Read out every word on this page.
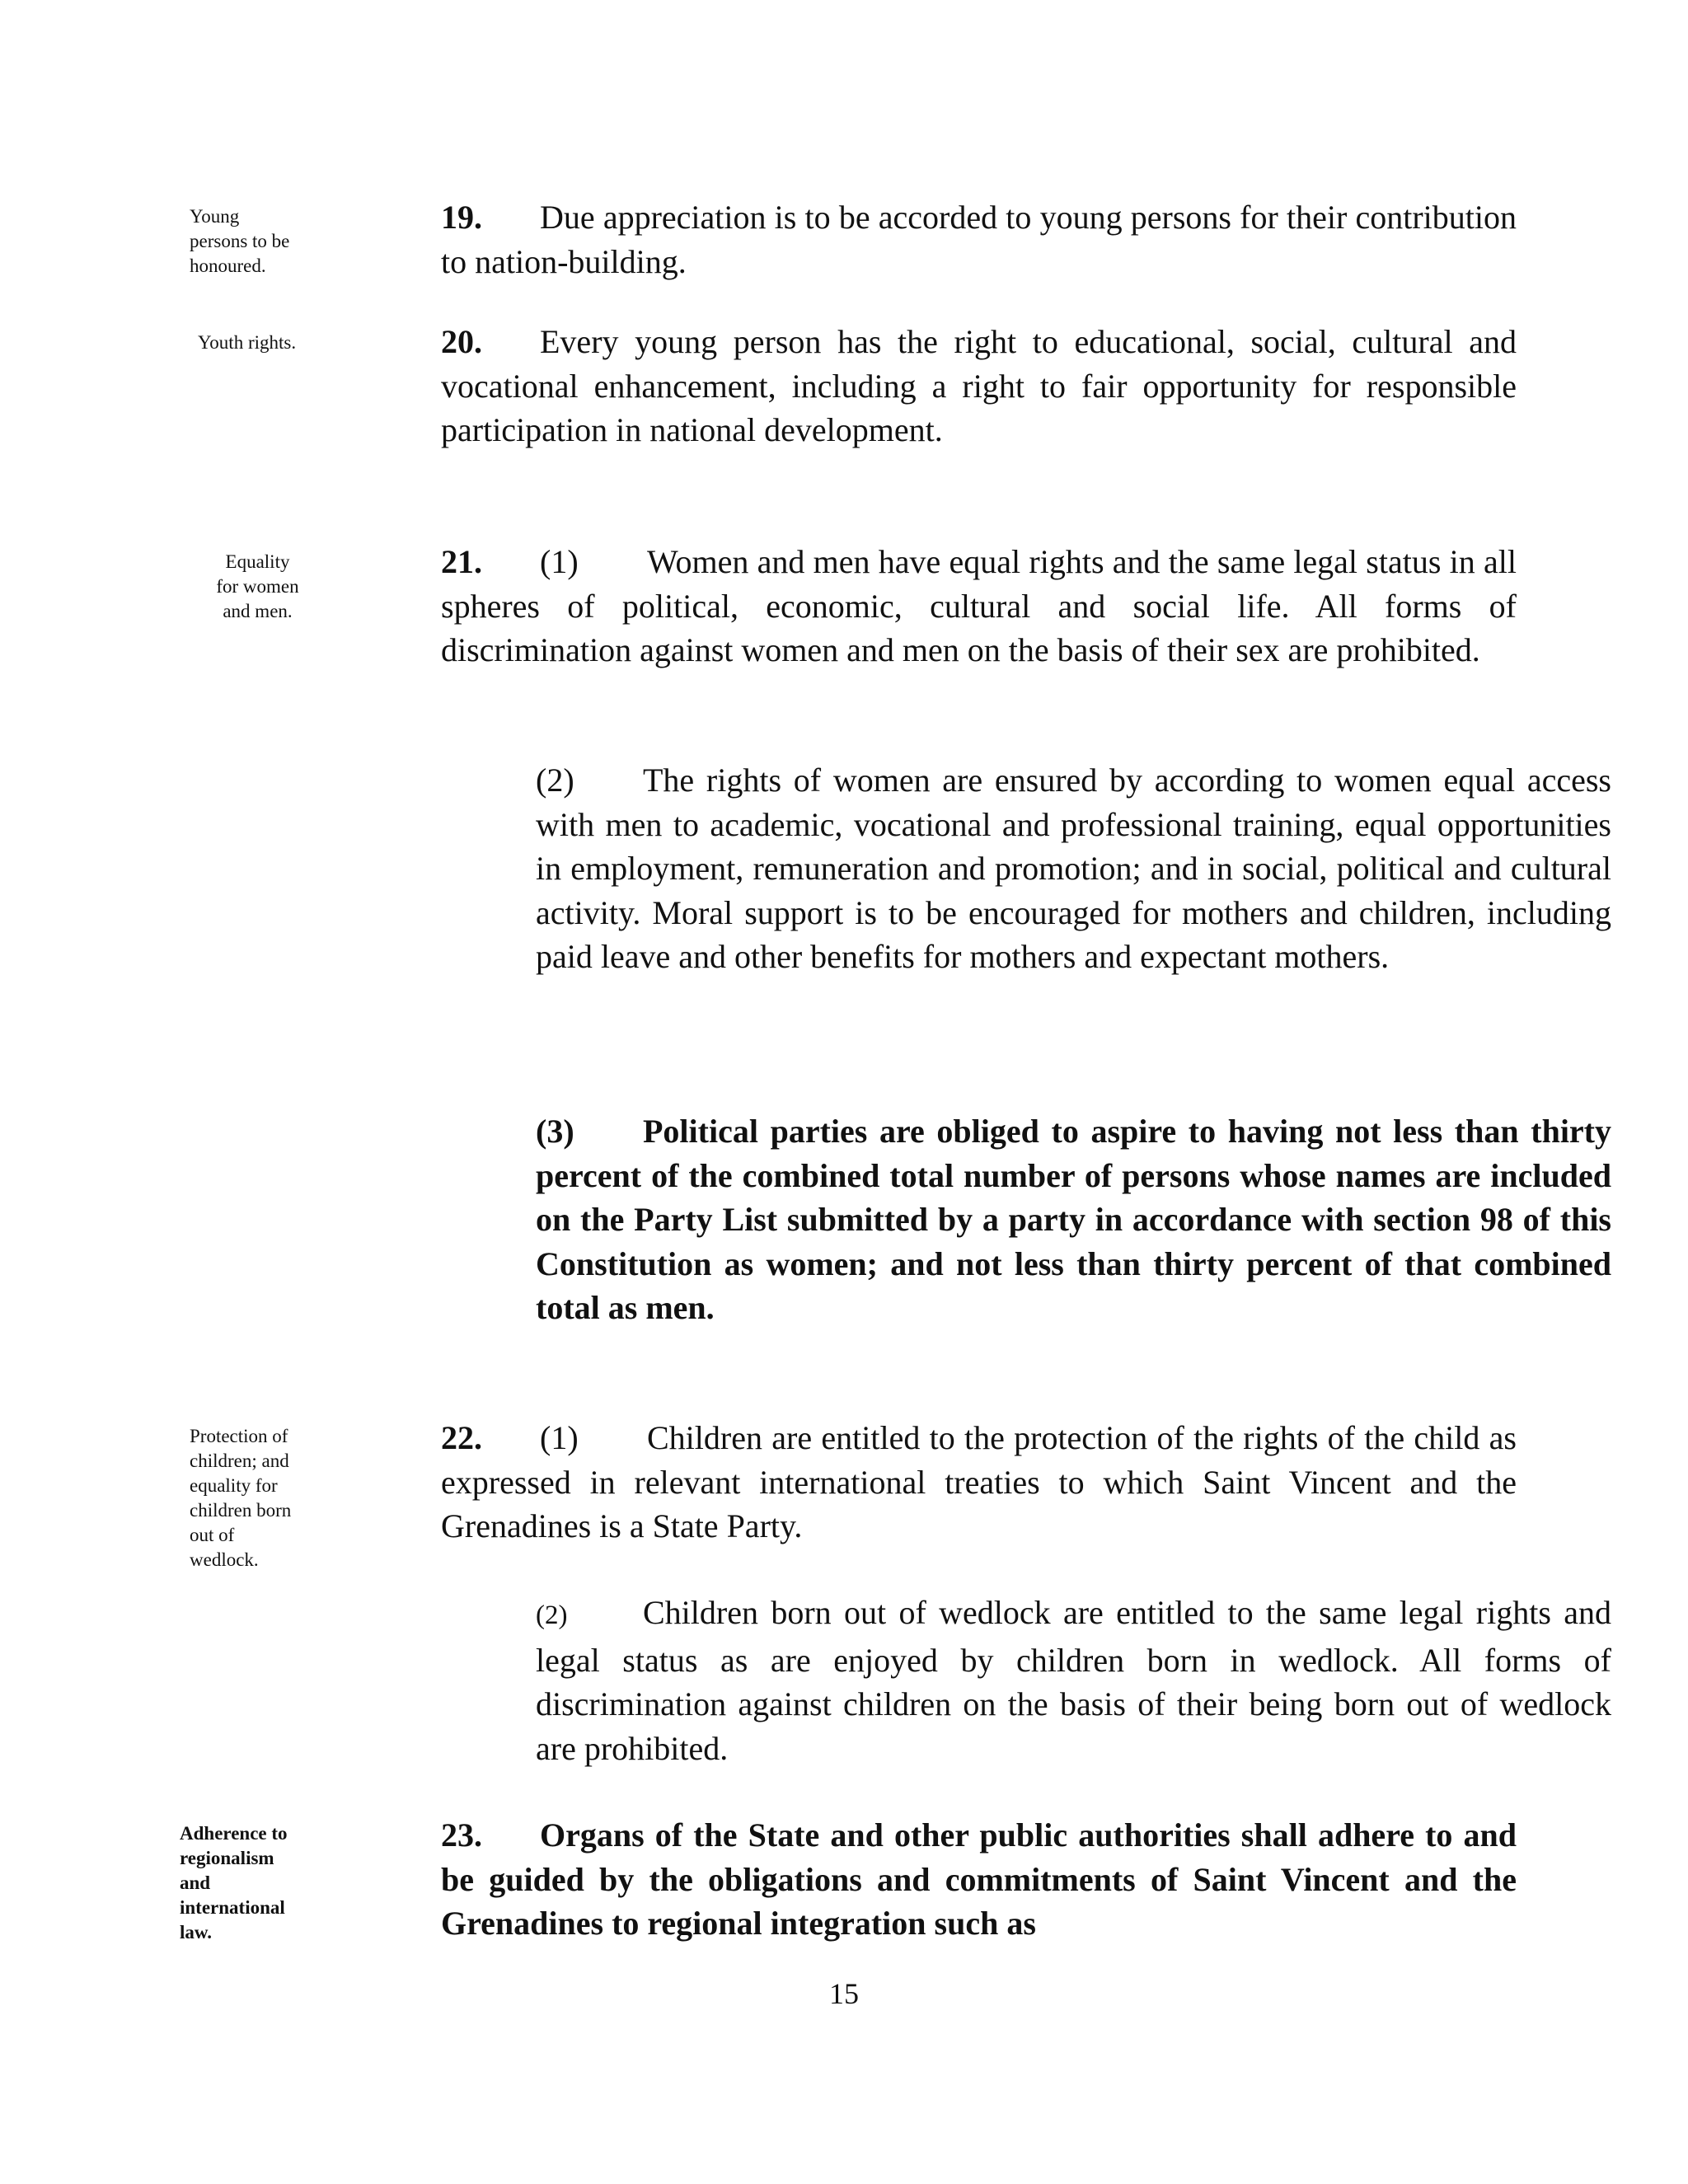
Young
persons to be
honoured.
19. Due appreciation is to be accorded to young persons for their contribution to nation-building.
Youth rights.	20. Every young person has the right to educational, social, cultural and vocational enhancement, including a right to fair opportunity for responsible participation in national development.
Equality
for women
and men.
21. (1) Women and men have equal rights and the same legal status in all spheres of political, economic, cultural and social life. All forms of discrimination against women and men on the basis of their sex are prohibited.
(2) The rights of women are ensured by according to women equal access with men to academic, vocational and professional training, equal opportunities in employment, remuneration and promotion; and in social, political and cultural activity. Moral support is to be encouraged for mothers and children, including paid leave and other benefits for mothers and expectant mothers.
(3) Political parties are obliged to aspire to having not less than thirty percent of the combined total number of persons whose names are included on the Party List submitted by a party in accordance with section 98 of this Constitution as women; and not less than thirty percent of that combined total as men.
Protection of
children; and
equality for
children born
out of
wedlock.
22. (1) Children are entitled to the protection of the rights of the child as expressed in relevant international treaties to which Saint Vincent and the Grenadines is a State Party.
(2) Children born out of wedlock are entitled to the same legal rights and legal status as are enjoyed by children born in wedlock. All forms of discrimination against children on the basis of their being born out of wedlock are prohibited.
Adherence to
regionalism
and
international
law.
23. Organs of the State and other public authorities shall adhere to and be guided by the obligations and commitments of Saint Vincent and the Grenadines to regional integration such as
15
